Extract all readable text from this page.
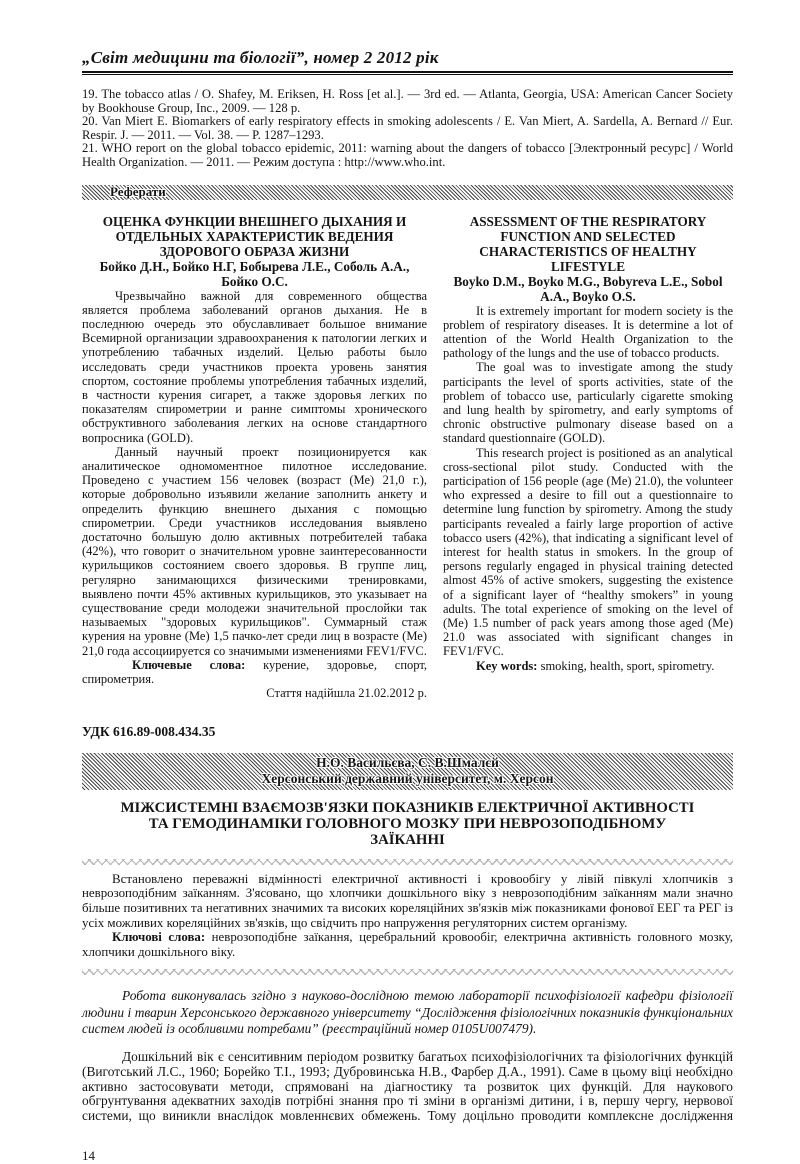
„Світ медицини та біології”, номер 2 2012 рік
19. The tobacco atlas / O. Shafey, M. Eriksen, H. Ross [et al.]. — 3rd ed. — Atlanta, Georgia, USA: American Cancer Society by Bookhouse Group, Inc., 2009. — 128 p.
20. Van Miert E. Biomarkers of early respiratory effects in smoking adolescents / E. Van Miert, A. Sardella, A. Bernard // Eur. Respir. J. — 2011. — Vol. 38. — P. 1287–1293.
21. WHO report on the global tobacco epidemic, 2011: warning about the dangers of tobacco [Электронный ресурс] / World Health Organization. — 2011. — Режим доступа : http://www.who.int.
Реферати
ОЦЕНКА ФУНКЦИИ ВНЕШНЕГО ДЫХАНИЯ И ОТДЕЛЬНЫХ ХАРАКТЕРИСТИК ВЕДЕНИЯ ЗДОРОВОГО ОБРАЗА ЖИЗНИ
Бойко Д.Н., Бойко Н.Г, Бобырева Л.Е., Соболь А.А., Бойко О.С.

Чрезвычайно важной для современного общества является проблема заболеваний органов дыхания. Не в последнюю очередь это обуславливает большое внимание Всемирной организации здравоохранения к патологии легких и употреблению табачных изделий. Целью работы было исследовать среди участников проекта уровень занятия спортом, состояние проблемы употребления табачных изделий, в частности курения сигарет, а также здоровья легких по показателям спирометрии и ранне симптомы хронического обструктивного заболевания легких на основе стандартного вопросника (GOLD).

Данный научный проект позиционируется как аналитическое одномоментное пилотное исследование. Проведено с участием 156 человек (возраст (Ме) 21,0 г.), которые добровольно изъявили желание заполнить анкету и определить функцию внешнего дыхания с помощью спирометрии. Среди участников исследования выявлено достаточно большую долю активных потребителей табака (42%), что говорит о значительном уровне заинтересованности курильщиков состоянием своего здоровья. В группе лиц, регулярно занимающихся физическими тренировками, выявлено почти 45% активных курильщиков, это указывает на существование среди молодежи значительной прослойки так называемых "здоровых курильщиков". Суммарный стаж курения на уровне (Ме) 1,5 пачко-лет среди лиц в возрасте (Ме) 21,0 года ассоциируется со значимыми изменениями FEV1/FVC.

Ключевые слова: курение, здоровье, спорт, спирометрия.

Стаття надійшла 21.02.2012 р.
ASSESSMENT OF THE RESPIRATORY FUNCTION AND SELECTED CHARACTERISTICS OF HEALTHY LIFESTYLE
Boyko D.M., Boyko M.G., Bobyreva L.E., Sobol A.A., Boyko O.S.

It is extremely important for modern society is the problem of respiratory diseases. It is determine a lot of attention of the World Health Organization to the pathology of the lungs and the use of tobacco products.

The goal was to investigate among the study participants the level of sports activities, state of the problem of tobacco use, particularly cigarette smoking and lung health by spirometry, and early symptoms of chronic obstructive pulmonary disease based on a standard questionnaire (GOLD).

This research project is positioned as an analytical cross-sectional pilot study. Conducted with the participation of 156 people (age (Me) 21.0), the volunteer who expressed a desire to fill out a questionnaire to determine lung function by spirometry. Among the study participants revealed a fairly large proportion of active tobacco users (42%), that indicating a significant level of interest for health status in smokers. In the group of persons regularly engaged in physical training detected almost 45% of active smokers, suggesting the existence of a significant layer of “healthy smokers” in young adults. The total experience of smoking on the level of (Me) 1.5 number of pack years among those aged (Me) 21.0 was associated with significant changes in FEV1/FVC.

Key words: smoking, health, sport, spirometry.

УДК 616.89-008.434.35
Н.О. Васильєва, С. В.Шмалєй
Херсонський державний університет, м. Херсон
МІЖСИСТЕМНІ ВЗАЄМОЗВ'ЯЗКИ ПОКАЗНИКІВ ЕЛЕКТРИЧНОЇ АКТИВНОСТІ ТА ГЕМОДИНАМІКИ ГОЛОВНОГО МОЗКУ ПРИ НЕВРОЗОПОДІБНОМУ ЗАЇКАННІ

Встановлено переважні відмінності електричної активності і кровообігу у лівій півкулі хлопчиків з неврозоподібним заїканням. З'ясовано, що хлопчики дошкільного віку з неврозоподібним заїканням мали значно більше позитивних та негативних значимих та високих кореляційних зв'язків між показниками фонової ЕЕГ та РЕГ із усіх можливих кореляційних зв'язків, що свідчить про напруження регуляторних систем організму.

Ключові слова: неврозоподібне заїкання, церебральний кровообіг, електрична активність головного мозку, хлопчики дошкільного віку.

Робота виконувалась згідно з науково-дослідною темою лабораторії психофізіології кафедри фізіології людини і тварин Херсонського державного університету “Дослідження фізіологічних показників функціональних систем людей із особливими потребами” (реєстраційний номер 0105U007479).

Дошкільний вік є сенситивним періодом розвитку багатьох психофізіологічних та фізіологічних функцій (Виготський Л.С., 1960; Борейко Т.І., 1993; Дубровинська Н.В., Фарбер Д.А., 1991). Саме в цьому віці необхідно активно застосовувати методи, спрямовані на діагностику та розвиток цих функцій. Для наукового обгрунтування адекватних заходів потрібні знання про ті зміни в організмі дитини, і в, першу чергу, нервової системи, що виникли внаслідок мовленнєвих обмежень. Тому доцільно проводити комплексне дослідження

14
